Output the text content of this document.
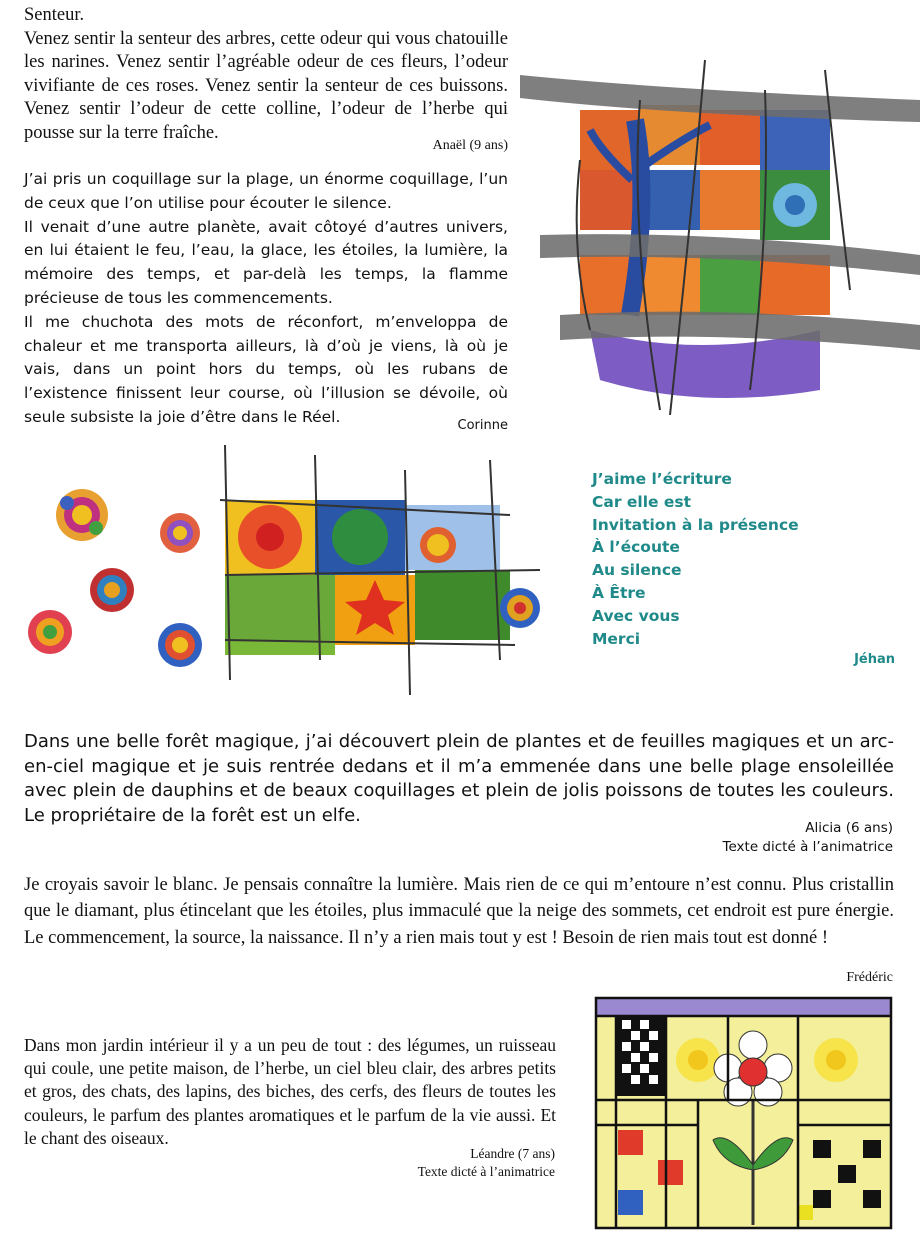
Senteur.

Venez sentir la senteur des arbres, cette odeur qui vous chatouille les narines. Venez sentir l’agréable odeur de ces fleurs, l’odeur vivifiante de ces roses. Venez sentir la senteur de ces buissons. Venez sentir l’odeur de cette colline, l’odeur de l’herbe qui pousse sur la terre fraîche.

Anaël (9 ans)

J’ai pris un coquillage sur la plage, un énorme coquillage, l’un de ceux que l’on utilise pour écouter le silence.

Il venait d’une autre planète, avait côtoyé d’autres univers, en lui étaient le feu, l’eau, la glace, les étoiles, la lumière, la mémoire des temps, et par-delà les temps, la flamme précieuse de tous les commencements.

Il me chuchota des mots de réconfort, m’enveloppa de chaleur et me transporta ailleurs, là d’où je viens, là où je vais, dans un point hors du temps, où les rubans de l’existence finissent leur course, où l’illusion se dévoile, où seule subsiste la joie d’être dans le Réel.	Corinne
J’aime l’écriture
Car elle est
Invitation à la présence
À l’écoute
Au silence
À Être
Avec vous
Merci
Jéhan
Dans une belle forêt magique, j’ai découvert plein de plantes et de feuilles magiques et un arc-en-ciel magique et je suis rentrée dedans et il m’a emmenée dans une belle plage ensoleillée avec plein de dauphins et de beaux coquillages et plein de jolis poissons de toutes les couleurs. Le propriétaire de la forêt est un elfe.
Alicia (6 ans)
Texte dicté à l’animatrice
Je croyais savoir le blanc. Je pensais connaître la lumière. Mais rien de ce qui m’entoure n’est connu. Plus cristallin que le diamant, plus étincelant que les étoiles, plus immaculé que la neige des sommets, cet endroit est pure énergie. Le commencement, la source, la naissance. Il n’y a rien mais tout y est ! Besoin de rien mais tout est donné !
Frédéric
Dans mon jardin intérieur il y a un peu de tout : des légumes, un ruisseau qui coule, une petite maison, de l’herbe, un ciel bleu clair, des arbres petits et gros, des chats, des lapins, des biches, des cerfs, des fleurs de toutes les couleurs, le parfum des plantes aromatiques et le parfum de la vie aussi. Et le chant des oiseaux.
Léandre (7 ans)
Texte dicté à l’animatrice
